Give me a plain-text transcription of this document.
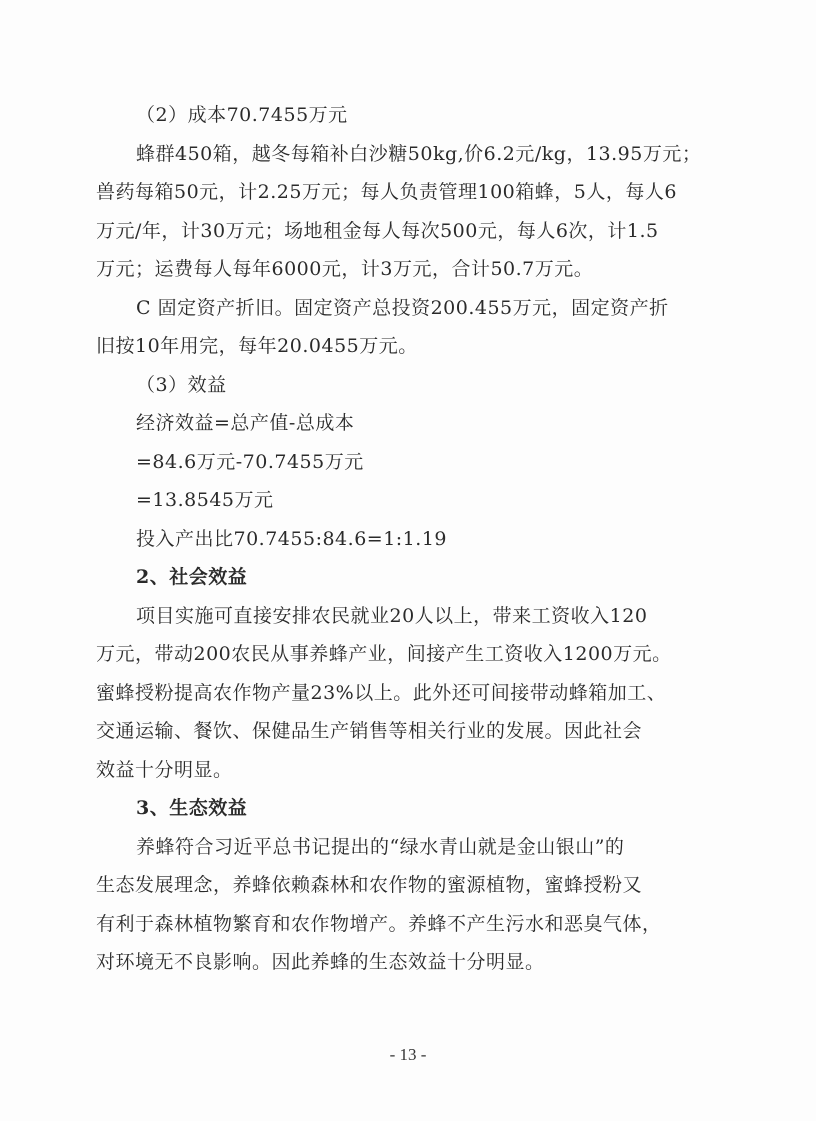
（2）成本70.7455万元
蜂群450箱，越冬每箱补白沙糖50kg,价6.2元/kg，13.95万元；
兽药每箱50元，计2.25万元；每人负责管理100箱蜂，5人，每人6
万元/年，计30万元；场地租金每人每次500元，每人6次，计1.5
万元；运费每人每年6000元，计3万元，合计50.7万元。
C 固定资产折旧。固定资产总投资200.455万元，固定资产折
旧按10年用完，每年20.0455万元。
（3）效益
经济效益=总产值-总成本
=84.6万元-70.7455万元
=13.8545万元
投入产出比70.7455:84.6=1:1.19
2、社会效益
项目实施可直接安排农民就业20人以上，带来工资收入120
万元，带动200农民从事养蜂产业，间接产生工资收入1200万元。
蜜蜂授粉提高农作物产量23%以上。此外还可间接带动蜂箱加工、
交通运输、餐饮、保健品生产销售等相关行业的发展。因此社会
效益十分明显。
3、生态效益
养蜂符合习近平总书记提出的“绿水青山就是金山银山”的
生态发展理念，养蜂依赖森林和农作物的蜜源植物，蜜蜂授粉又
有利于森林植物繁育和农作物增产。养蜂不产生污水和恶臭气体，
对环境无不良影响。因此养蜂的生态效益十分明显。
- 13 -
